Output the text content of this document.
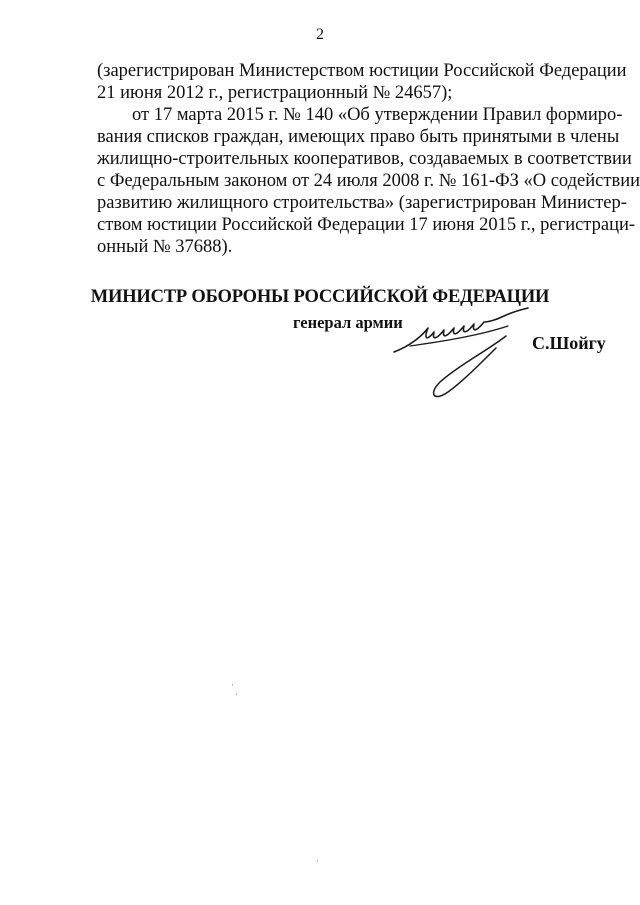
2
(зарегистрирован Министерством юстиции Российской Федерации
21 июня 2012 г., регистрационный № 24657);
от 17 марта 2015 г. № 140 «Об утверждении Правил формиро-
вания списков граждан, имеющих право быть принятыми в члены
жилищно-строительных кооперативов, создаваемых в соответствии
с Федеральным законом от 24 июля 2008 г. № 161-ФЗ «О содействии
развитию жилищного строительства» (зарегистрирован Министер-
ством юстиции Российской Федерации 17 июня 2015 г., регистраци-
онный № 37688).
МИНИСТР ОБОРОНЫ РОССИЙСКОЙ ФЕДЕРАЦИИ
генерал армии
С.Шойгу
